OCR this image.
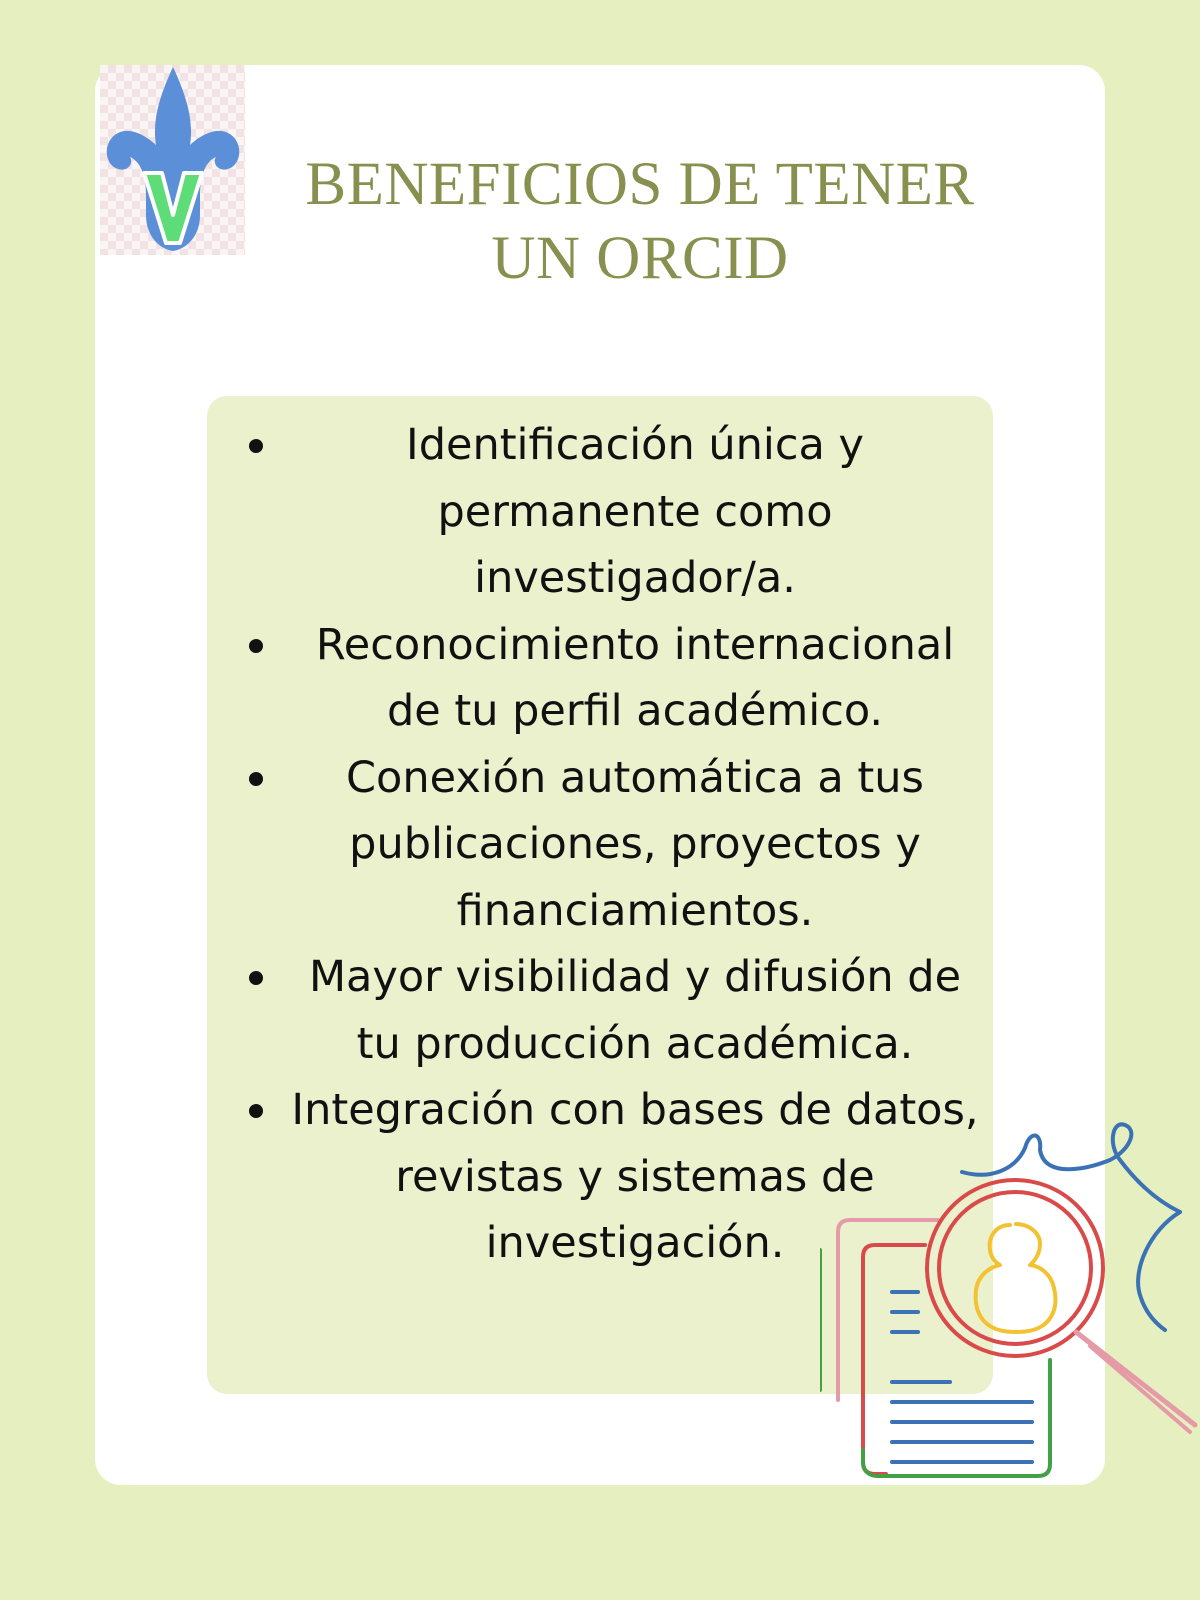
BENEFICIOS DE TENER
UN ORCID
Identificación única y permanente como investigador/a.
Reconocimiento internacional de tu perfil académico.
Conexión automática a tus publicaciones, proyectos y financiamientos.
Mayor visibilidad y difusión de tu producción académica.
Integración con bases de datos, revistas y sistemas de investigación.
